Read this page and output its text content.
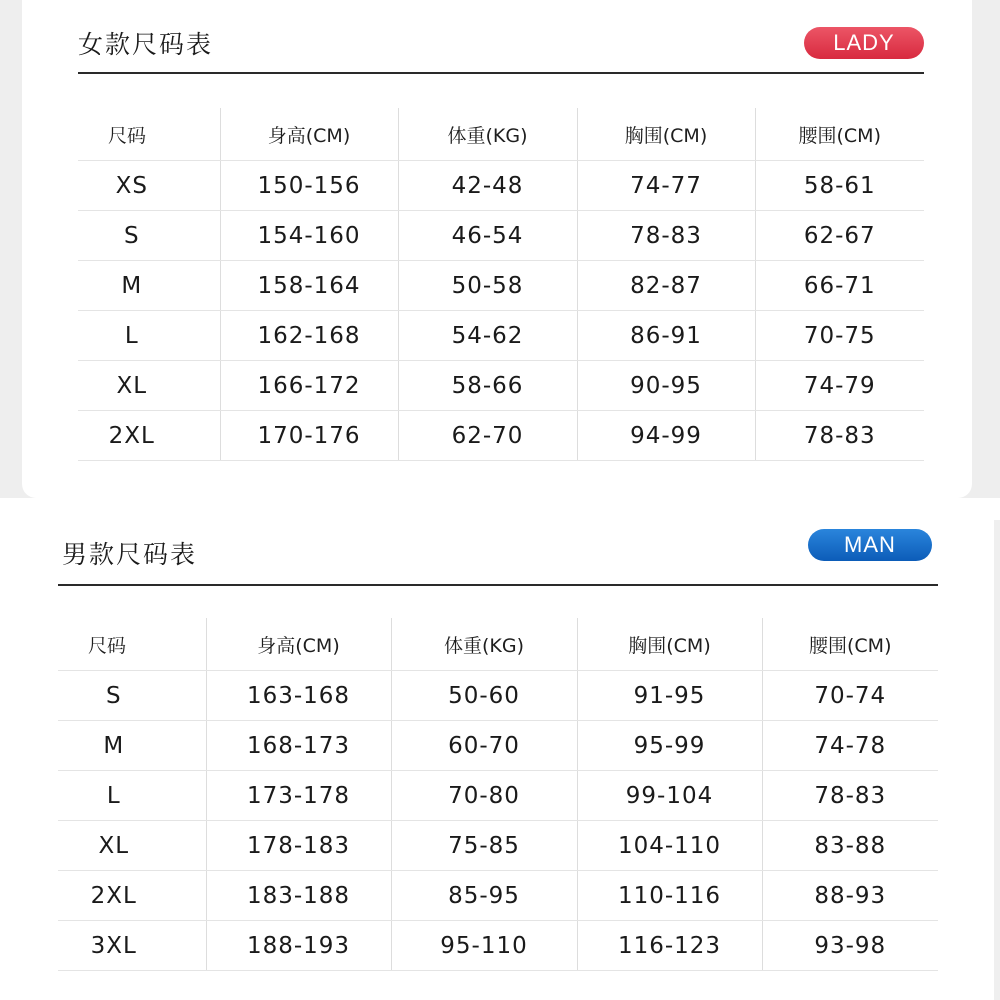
女款尺码表	LADY
尺码	身高(CM)	体重(KG)	胸围(CM)	腰围(CM)
XS	150-156	42-48	74-77	58-61
S	154-160	46-54	78-83	62-67
M	158-164	50-58	82-87	66-71
L	162-168	54-62	86-91	70-75
XL	166-172	58-66	90-95	74-79
2XL	170-176	62-70	94-99	78-83
男款尺码表	MAN
尺码	身高(CM)	体重(KG)	胸围(CM)	腰围(CM)
S	163-168	50-60	91-95	70-74
M	168-173	60-70	95-99	74-78
L	173-178	70-80	99-104	78-83
XL	178-183	75-85	104-110	83-88
2XL	183-188	85-95	110-116	88-93
3XL	188-193	95-110	116-123	93-98
